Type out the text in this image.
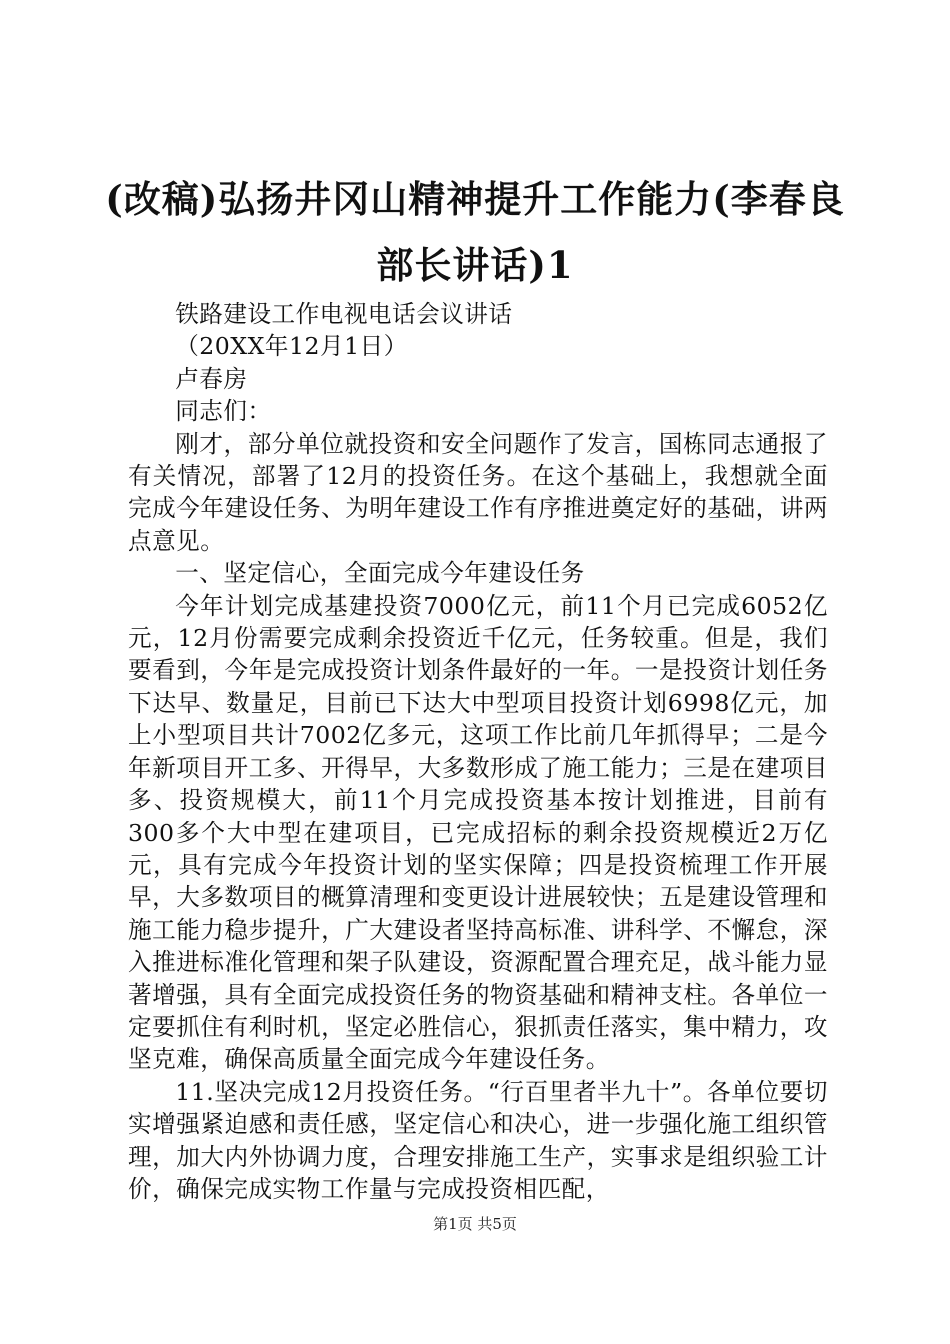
(改稿)弘扬井冈山精神提升工作能力(李春良
部长讲话)1

铁路建设工作电视电话会议讲话

（20XX年12月1日）

卢春房

同志们：

刚才，部分单位就投资和安全问题作了发言，国栋同志通报了有关情况，部署了12月的投资任务。在这个基础上，我想就全面完成今年建设任务、为明年建设工作有序推进奠定好的基础，讲两点意见。

一、坚定信心，全面完成今年建设任务

今年计划完成基建投资7000亿元，前11个月已完成6052亿元，12月份需要完成剩余投资近千亿元，任务较重。但是，我们要看到，今年是完成投资计划条件最好的一年。一是投资计划任务下达早、数量足，目前已下达大中型项目投资计划6998亿元，加上小型项目共计7002亿多元，这项工作比前几年抓得早；二是今年新项目开工多、开得早，大多数形成了施工能力；三是在建项目多、投资规模大，前11个月完成投资基本按计划推进，目前有300多个大中型在建项目，已完成招标的剩余投资规模近2万亿元，具有完成今年投资计划的坚实保障；四是投资梳理工作开展早，大多数项目的概算清理和变更设计进展较快；五是建设管理和施工能力稳步提升，广大建设者坚持高标准、讲科学、不懈怠，深入推进标准化管理和架子队建设，资源配置合理充足，战斗能力显著增强，具有全面完成投资任务的物资基础和精神支柱。各单位一定要抓住有利时机，坚定必胜信心，狠抓责任落实，集中精力，攻坚克难，确保高质量全面完成今年建设任务。

11.坚决完成12月投资任务。“行百里者半九十”。各单位要切实增强紧迫感和责任感，坚定信心和决心，进一步强化施工组织管理，加大内外协调力度，合理安排施工生产，实事求是组织验工计价，确保完成实物工作量与完成投资相匹配，

第1页 共5页
